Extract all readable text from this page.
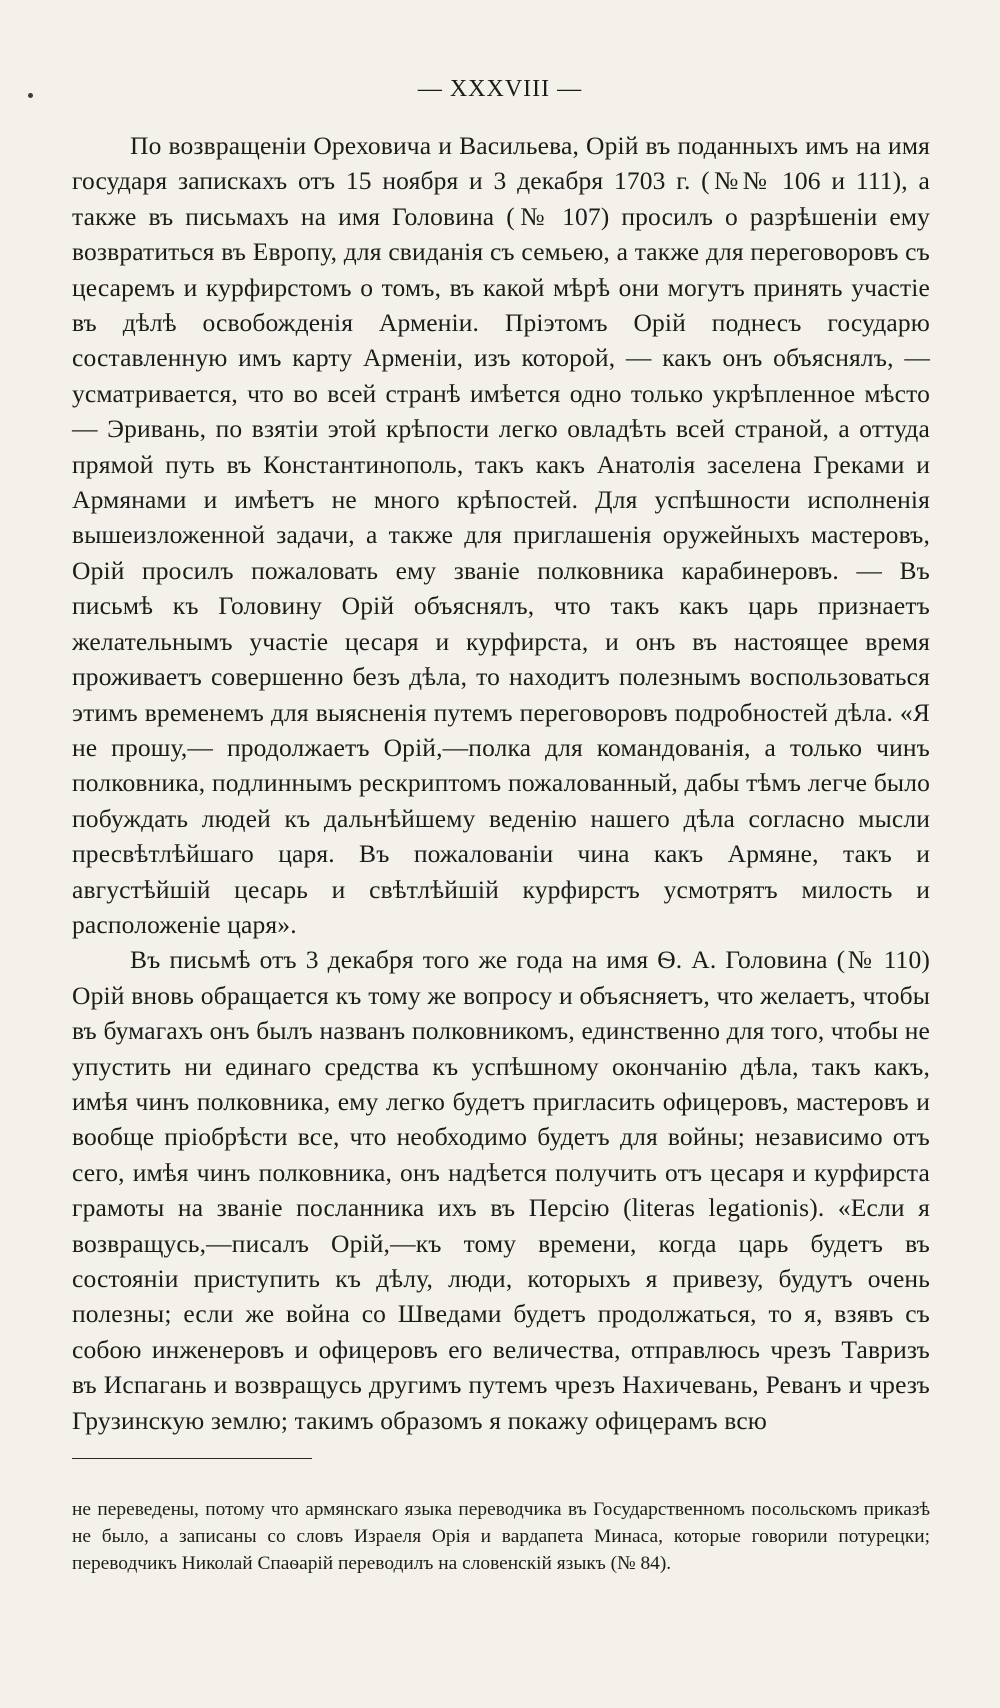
— XXXVIII —

По возвращеніи Ореховича и Васильева, Орій въ поданныхъ имъ на имя государя запискахъ отъ 15 ноября и 3 декабря 1703 г. (№№ 106 и 111), а также въ письмахъ на имя Головина (№ 107) просилъ о разрѣшеніи ему возвратиться въ Европу, для свиданія съ семьею, а также для переговоровъ съ цесаремъ и курфирстомъ о томъ, въ какой мѣрѣ они могутъ принять участіе въ дѣлѣ освобожденія Арменіи. Пріэтомъ Орій поднесъ государю составленную имъ карту Арменіи, изъ которой, — какъ онъ объяснялъ, — усматривается, что во всей странѣ имѣется одно только укрѣпленное мѣсто— Эривань, по взятіи этой крѣпости легко овладѣть всей страной, а оттуда прямой путь въ Константинополь, такъ какъ Анатолія заселена Греками и Армянами и имѣетъ не много крѣпостей. Для успѣшности исполненія вышеизложенной задачи, а также для приглашенія оружейныхъ мастеровъ, Орій просилъ пожаловать ему званіе полковника карабинеровъ. — Въ письмѣ къ Головину Орій объяснялъ, что такъ какъ царь признаетъ желательнымъ участіе цесаря и курфирста, и онъ въ настоящее время проживаетъ совершенно безъ дѣла, то находитъ полезнымъ воспользоваться этимъ временемъ для выясненія путемъ переговоровъ подробностей дѣла. «Я не прошу,— продолжаетъ Орій,—полка для командованія, а только чинъ полковника, подлиннымъ рескриптомъ пожалованный, дабы тѣмъ легче было побуждать людей къ дальнѣйшему веденію нашего дѣла согласно мысли пресвѣтлѣйшаго царя. Въ пожалованіи чина какъ Армяне, такъ и августѣйшій цесарь и свѣтлѣйшій курфирстъ усмотрятъ милость и расположеніе царя».

Въ письмѣ отъ 3 декабря того же года на имя Ѳ. А. Головина (№ 110) Орій вновь обращается къ тому же вопросу и объясняетъ, что желаетъ, чтобы въ бумагахъ онъ былъ названъ полковникомъ, единственно для того, чтобы не упустить ни единаго средства къ успѣшному окончанію дѣла, такъ какъ, имѣя чинъ полковника, ему легко будетъ пригласить офицеровъ, мастеровъ и вообще пріобрѣсти все, что необходимо будетъ для войны; независимо отъ сего, имѣя чинъ полковника, онъ надѣется получить отъ цесаря и курфирста грамоты на званіе посланника ихъ въ Персію (literas legationis). «Если я возвращусь,—писалъ Орій,—къ тому времени, когда царь будетъ въ состояніи приступить къ дѣлу, люди, которыхъ я привезу, будутъ очень полезны; если же война со Шведами будетъ продолжаться, то я, взявъ съ собою инженеровъ и офицеровъ его величества, отправлюсь чрезъ Тавризъ въ Испагань и возвращусь другимъ путемъ чрезъ Нахичевань, Реванъ и чрезъ Грузинскую землю; такимъ образомъ я покажу офицерамъ всю

не переведены, потому что армянскаго языка переводчика въ Государственномъ посольскомъ приказѣ не было, а записаны со словъ Израеля Орія и вардапета Минаса, которые говорили потурецки; переводчикъ Николай Спаѳарій переводилъ на словенскій языкъ (№ 84).
